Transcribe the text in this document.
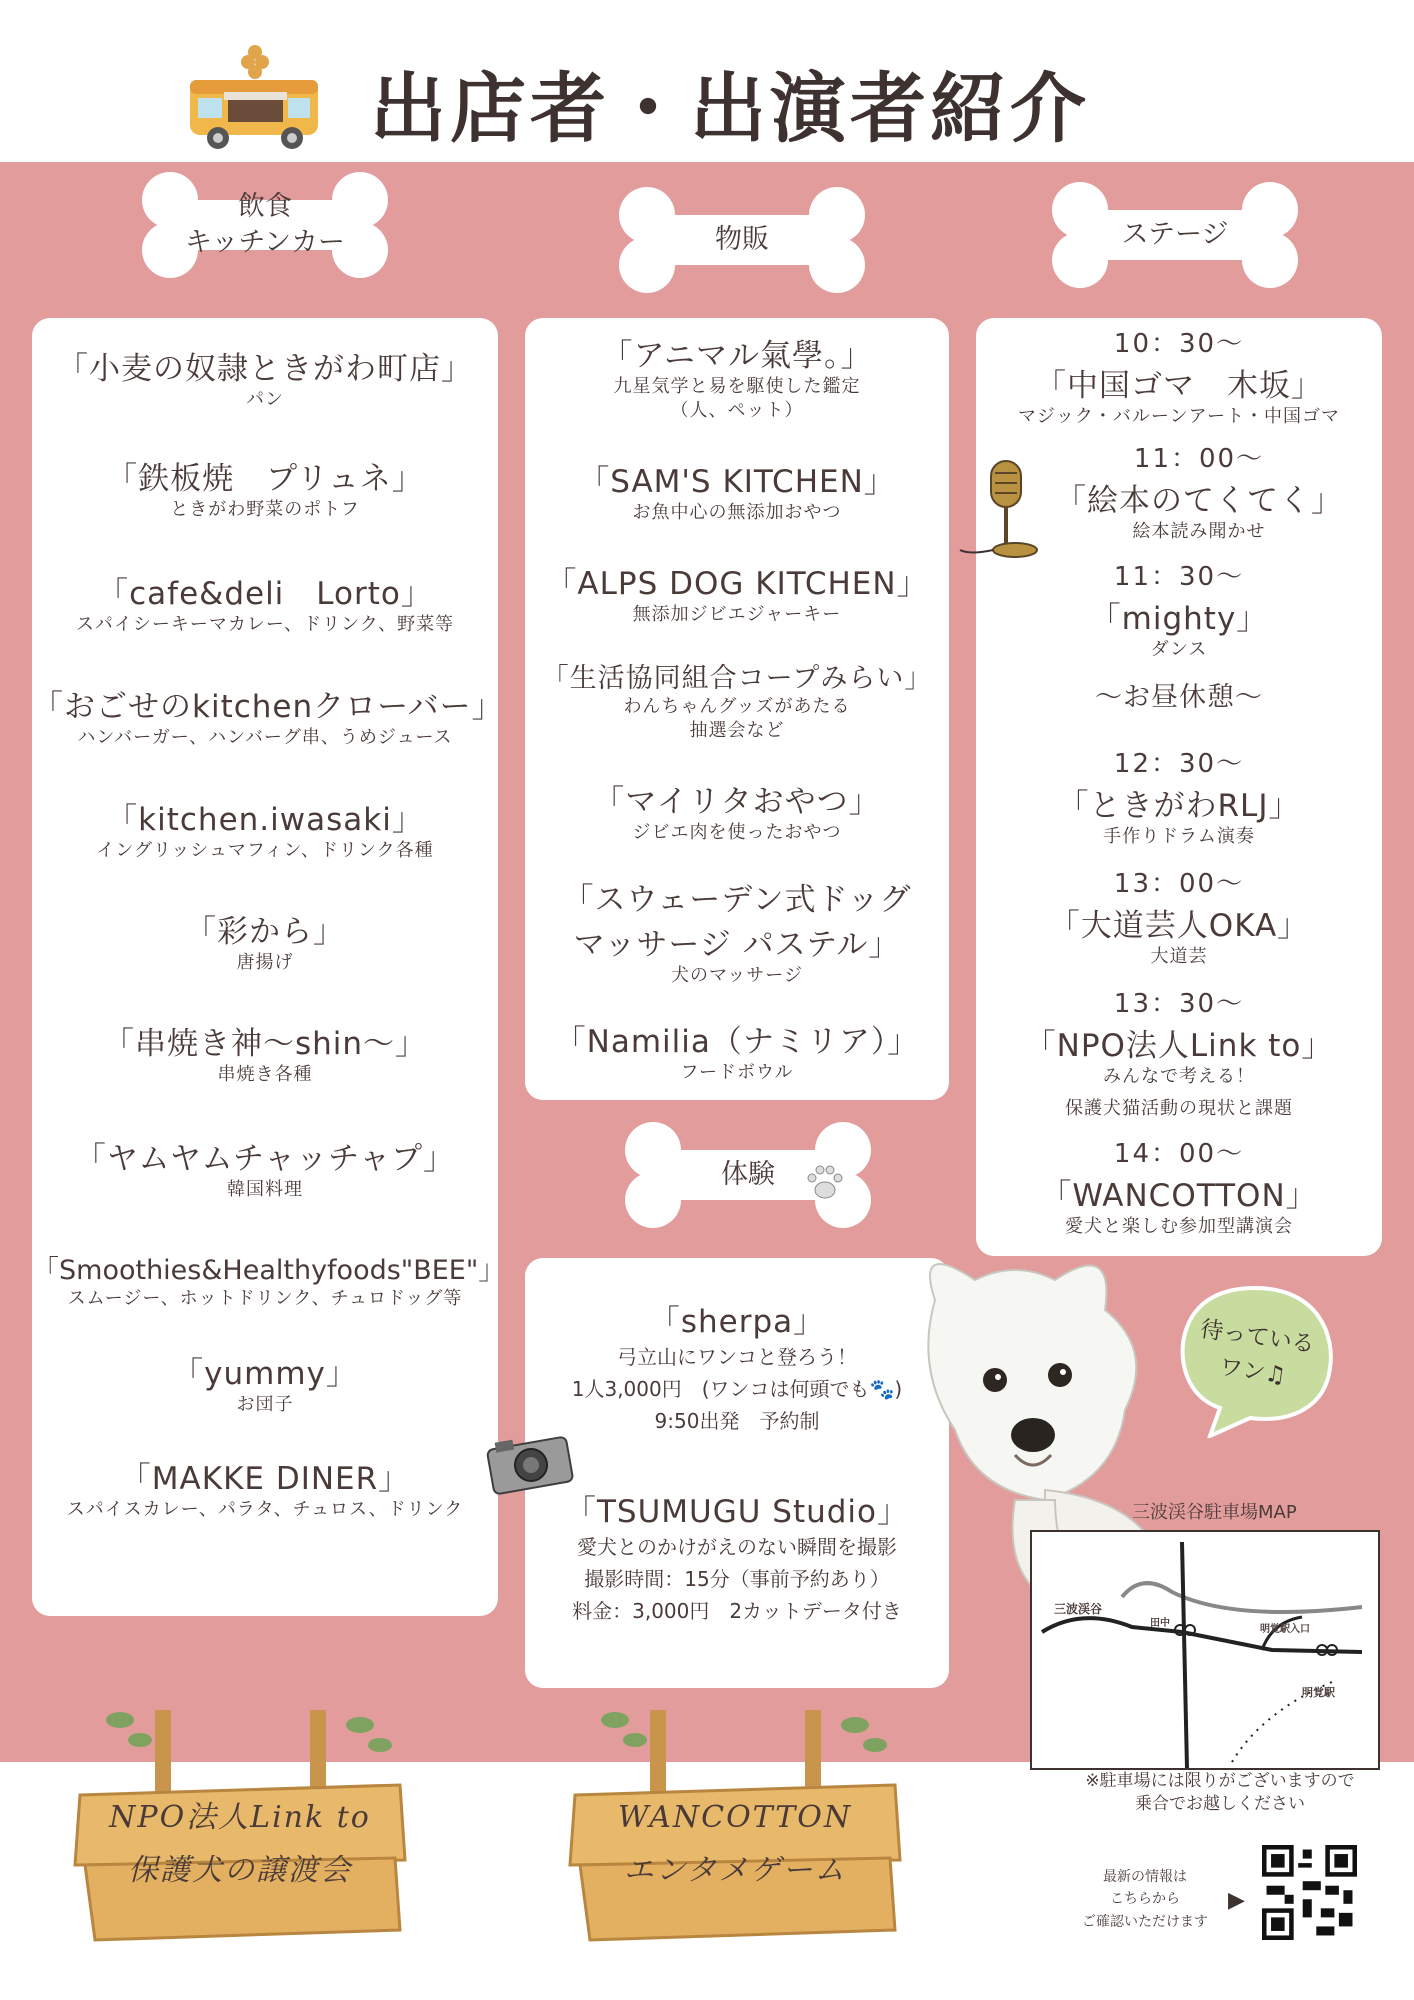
出店者・出演者紹介
飲食
キッチンカー	物販	ステージ
体験
「小麦の奴隷ときがわ町店」
パン
「鉄板焼　プリュネ」
ときがわ野菜のポトフ
「cafe&deli　Lorto」
スパイシーキーマカレー、ドリンク、野菜等
「おごせのkitchenクローバー」
ハンバーガー、ハンバーグ串、うめジュース
「kitchen.iwasaki」
イングリッシュマフィン、ドリンク各種
「彩から」
唐揚げ
「串焼き神〜shin〜」
串焼き各種
「ヤムヤムチャッチャプ」
韓国料理
「Smoothies&Healthyfoods"BEE"」
スムージー、ホットドリンク、チュロドッグ等
「yummy」
お団子
「MAKKE DINER」
スパイスカレー、パラタ、チュロス、ドリンク
「アニマル氣學。」
九星気学と易を駆使した鑑定
（人、ペット）
「SAM'S KITCHEN」
お魚中心の無添加おやつ
「ALPS DOG KITCHEN」
無添加ジビエジャーキー
「生活協同組合コープみらい」
わんちゃんグッズがあたる
抽選会など
「マイリタおやつ」
ジビエ肉を使ったおやつ
「スウェーデン式ドッグ
マッサージ パステル」
犬のマッサージ
「Namilia（ナミリア）」
フードボウル
10：30〜
「中国ゴマ　木坂」
マジック・バルーンアート・中国ゴマ
11：00〜
「絵本のてくてく」
絵本読み聞かせ
11：30〜
「mighty」
ダンス
〜お昼休憩〜
12：30〜
「ときがわRLJ」
手作りドラム演奏
13：00〜
「大道芸人OKA」
大道芸
13：30〜
「NPO法人Link to」
みんなで考える！
保護犬猫活動の現状と課題
14：00〜
「WANCOTTON」
愛犬と楽しむ参加型講演会
「sherpa」
弓立山にワンコと登ろう！
1人3,000円　(ワンコは何頭でも🐾)
9:50出発　予約制
「TSUMUGU Studio」
愛犬とのかけがえのない瞬間を撮影
撮影時間：15分（事前予約あり）
料金：3,000円　2カットデータ付き
待っている
ワン♫
三波渓谷駐車場MAP
三波渓谷
田中
明覚駅入口
明覚駅
※駐車場には限りがございますので
乗合でお越しください
最新の情報は
こちらから
ご確認いただけます
▶
NPO法人Link to
保護犬の譲渡会
WANCOTTON
エンタメゲーム
